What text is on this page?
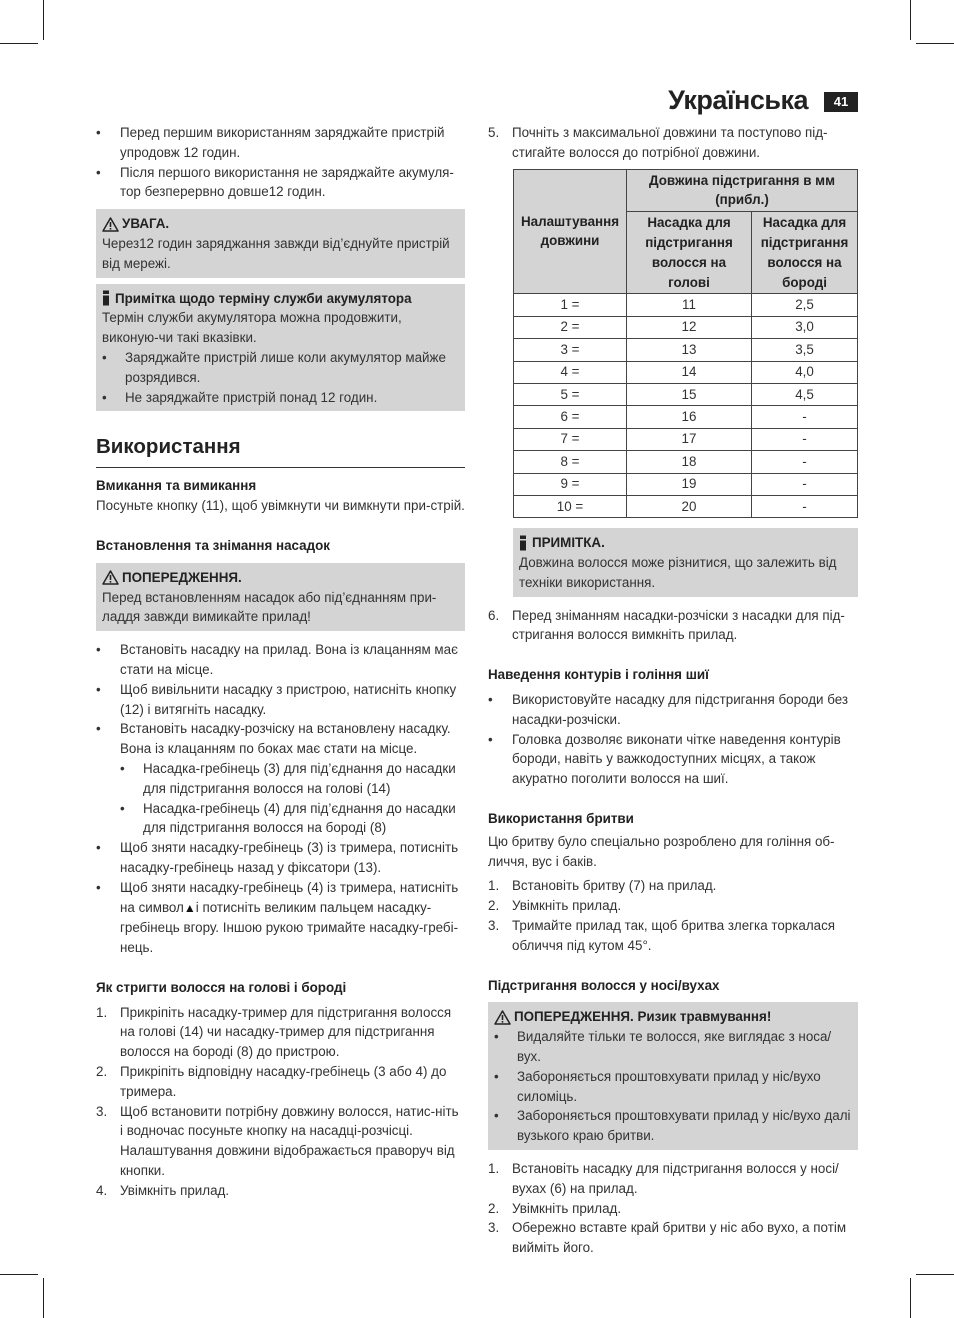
Українська	41
• Перед першим використанням заряджайте пристрій упродовж 12 годин.
• Після першого використання не заряджайте акумуля-тор безперервно довше12 годин.
УВАГА.
Через12 годин заряджання завжди від’єднуйте пристрій від мережі.
Примітка щодо терміну служби акумулятора
Термін служби акумулятора можна продовжити, виконую-чи такі вказівки.
• Заряджайте пристрій лише коли акумулятор майже розрядився.
• Не заряджайте пристрій понад 12 годин.
Використання
Вмикання та вимикання
Посуньте кнопку (11), щоб увімкнути чи вимкнути при-стрій.
Встановлення та знімання насадок
ПОПЕРЕДЖЕННЯ.
Перед встановленням насадок або під’єднанням при-ладдя завжди вимикайте прилад!
• Встановіть насадку на прилад. Вона із клацанням має стати на місце.
• Щоб вивільнити насадку з пристрою, натисніть кнопку (12) і витягніть насадку.
• Встановіть насадку-розчіску на встановлену насадку. Вона із клацанням по боках має стати на місце.
• Насадка-гребінець (3) для під’єднання до насадки для підстригання волосся на голові (14)
• Насадка-гребінець (4) для під’єднання до насадки для підстригання волосся на бороді (8)
• Щоб зняти насадку-гребінець (3) із тримера, потисніть насадку-гребінець назад у фіксатори (13).
• Щоб зняти насадку-гребінець (4) із тримера, натисніть на символ▲і потисніть великим пальцем насадку-гребінець вгору. Іншою рукою тримайте насадку-гребі-нець.
Як стригти волосся на голові і бороді
1. Прикріпіть насадку-тример для підстригання волосся на голові (14) чи насадку-тример для підстригання волосся на бороді (8) до пристрою.
2. Прикріпіть відповідну насадку-гребінець (3 або 4) до тримера.
3. Щоб встановити потрібну довжину волосся, натис-ніть і водночас посуньте кнопку на насадці-розчісці. Налаштування довжини відображається праворуч від кнопки.
4. Увімкніть прилад.
5. Почніть з максимальної довжини та поступово під-стигайте волосся до потрібної довжини.
Налаштування довжини	Довжина підстригання в мм (прибл.)	
	Насадка для підстригання волосся на голові	Насадка для підстригання волосся на бороді
1 =	11	2,5
2 =	12	3,0
3 =	13	3,5
4 =	14	4,0
5 =	15	4,5
6 =	16	-
7 =	17	-
8 =	18	-
9 =	19	-
10 =	20	-
ПРИМІТКА.
Довжина волосся може різнитися, що залежить від техніки використання.
6. Перед зніманням насадки-розчіски з насадки для під-стригання волосся вимкніть прилад.
Наведення контурів і гоління шиї
• Використовуйте насадку для підстригання бороди без насадки-розчіски.
• Головка дозволяє виконати чітке наведення контурів бороди, навіть у важкодоступних місцях, а також акуратно поголити волосся на шиї.
Використання бритви
Цю бритву було спеціально розроблено для гоління об-личчя, вус і баків.
1. Встановіть бритву (7) на прилад.
2. Увімкніть прилад.
3. Тримайте прилад так, щоб бритва злегка торкалася обличчя під кутом 45°.
Підстригання волосся у носі/вухах
ПОПЕРЕДЖЕННЯ. Ризик травмування!
• Видаляйте тільки те волосся, яке виглядає з носа/вух.
• Забороняється проштовхувати прилад у ніс/вухо силоміць.
• Забороняється проштовхувати прилад у ніс/вухо далі вузького краю бритви.
1. Встановіть насадку для підстригання волосся у носі/вухах (6) на прилад.
2. Увімкніть прилад.
3. Обережно вставте край бритви у ніс або вухо, а потім вийміть його.
